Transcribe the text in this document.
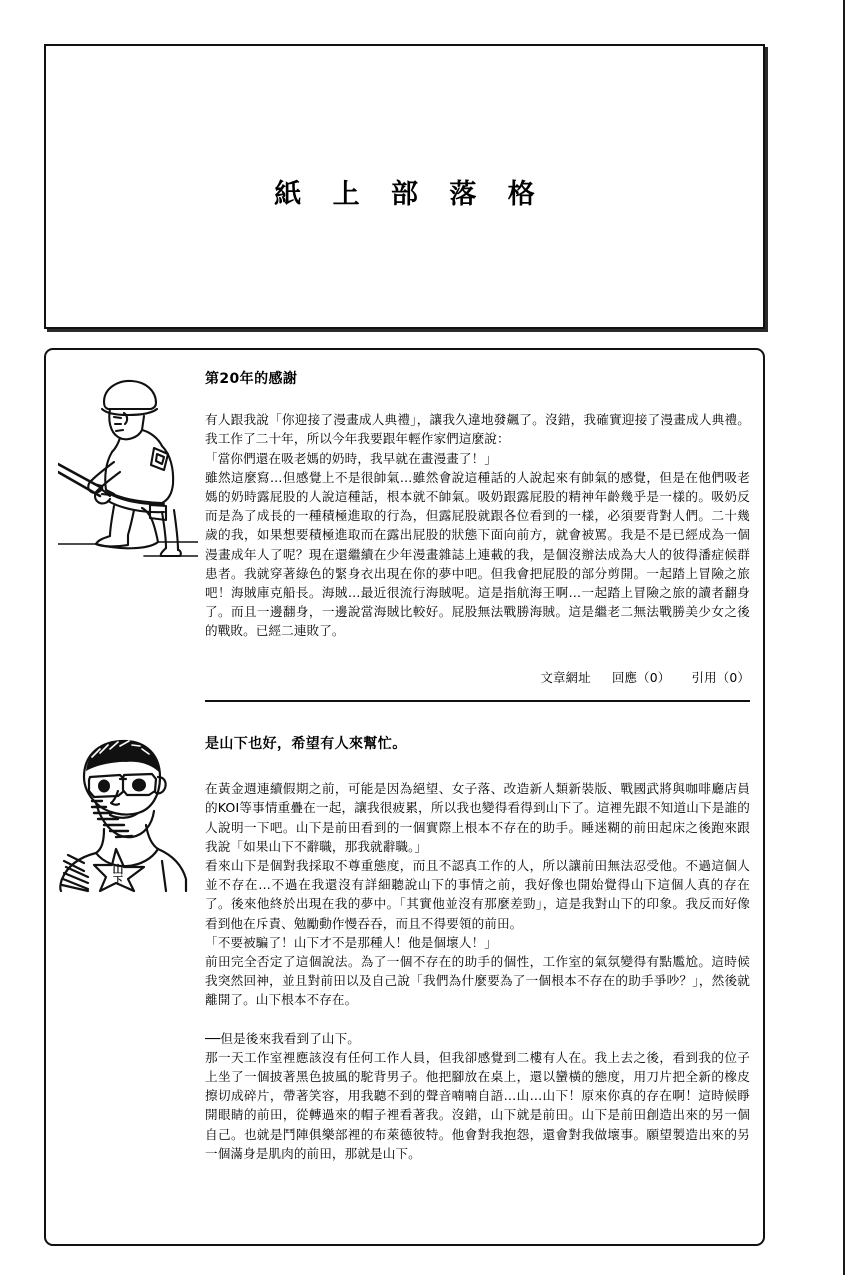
紙 上 部 落 格
第20年的感謝

有人跟我說「你迎接了漫畫成人典禮」，讓我久違地發飆了。沒錯，我確實迎接了漫畫成人典禮。我工作了二十年，所以今年我要跟年輕作家們這麼說：

「當你們還在吸老媽的奶時，我早就在畫漫畫了！」

雖然這麼寫…但感覺上不是很帥氣…雖然會說這種話的人說起來有帥氣的感覺，但是在他們吸老媽的奶時露屁股的人說這種話，根本就不帥氣。吸奶跟露屁股的精神年齡幾乎是一樣的。吸奶反而是為了成長的一種積極進取的行為，但露屁股就跟各位看到的一樣，必須要背對人們。二十幾歲的我，如果想要積極進取而在露出屁股的狀態下面向前方，就會被罵。我是不是已經成為一個漫畫成年人了呢？現在還繼續在少年漫畫雜誌上連載的我，是個沒辦法成為大人的彼得潘症候群患者。我就穿著綠色的緊身衣出現在你的夢中吧。但我會把屁股的部分剪開。一起踏上冒險之旅吧！海賊庫克船長。海賊…最近很流行海賊呢。這是指航海王啊…一起踏上冒險之旅的讀者翻身了。而且一邊翻身，一邊說當海賊比較好。屁股無法戰勝海賊。這是繼老二無法戰勝美少女之後的戰敗。已經二連敗了。

文章網址 回應（0） 引用（0）
山
下
是山下也好，希望有人來幫忙。

在黃金週連續假期之前，可能是因為絕望、女子落、改造新人類新裝版、戰國武將與咖啡廳店員的KOI等事情重疊在一起，讓我很疲累，所以我也變得看得到山下了。這裡先跟不知道山下是誰的人說明一下吧。山下是前田看到的一個實際上根本不存在的助手。睡迷糊的前田起床之後跑來跟我說「如果山下不辭職，那我就辭職。」

看來山下是個對我採取不尊重態度，而且不認真工作的人，所以讓前田無法忍受他。不過這個人並不存在…不過在我還沒有詳細聽說山下的事情之前，我好像也開始覺得山下這個人真的存在了。後來他終於出現在我的夢中。「其實他並沒有那麼差勁」，這是我對山下的印象。我反而好像看到他在斥責、勉勵動作慢吞吞，而且不得要領的前田。

「不要被騙了！山下才不是那種人！他是個壞人！」

前田完全否定了這個說法。為了一個不存在的助手的個性，工作室的氣氛變得有點尷尬。這時候我突然回神，並且對前田以及自己說「我們為什麼要為了一個根本不存在的助手爭吵？」，然後就離開了。山下根本不存在。

──但是後來我看到了山下。

那一天工作室裡應該沒有任何工作人員，但我卻感覺到二樓有人在。我上去之後，看到我的位子上坐了一個披著黑色披風的駝背男子。他把腳放在桌上，還以蠻橫的態度，用刀片把全新的橡皮擦切成碎片，帶著笑容，用我聽不到的聲音喃喃自語…山…山下！原來你真的存在啊！這時候睜開眼睛的前田，從轉過來的帽子裡看著我。沒錯，山下就是前田。山下是前田創造出來的另一個自己。也就是鬥陣俱樂部裡的布萊德彼特。他會對我抱怨，還會對我做壞事。願望製造出來的另一個滿身是肌肉的前田，那就是山下。
